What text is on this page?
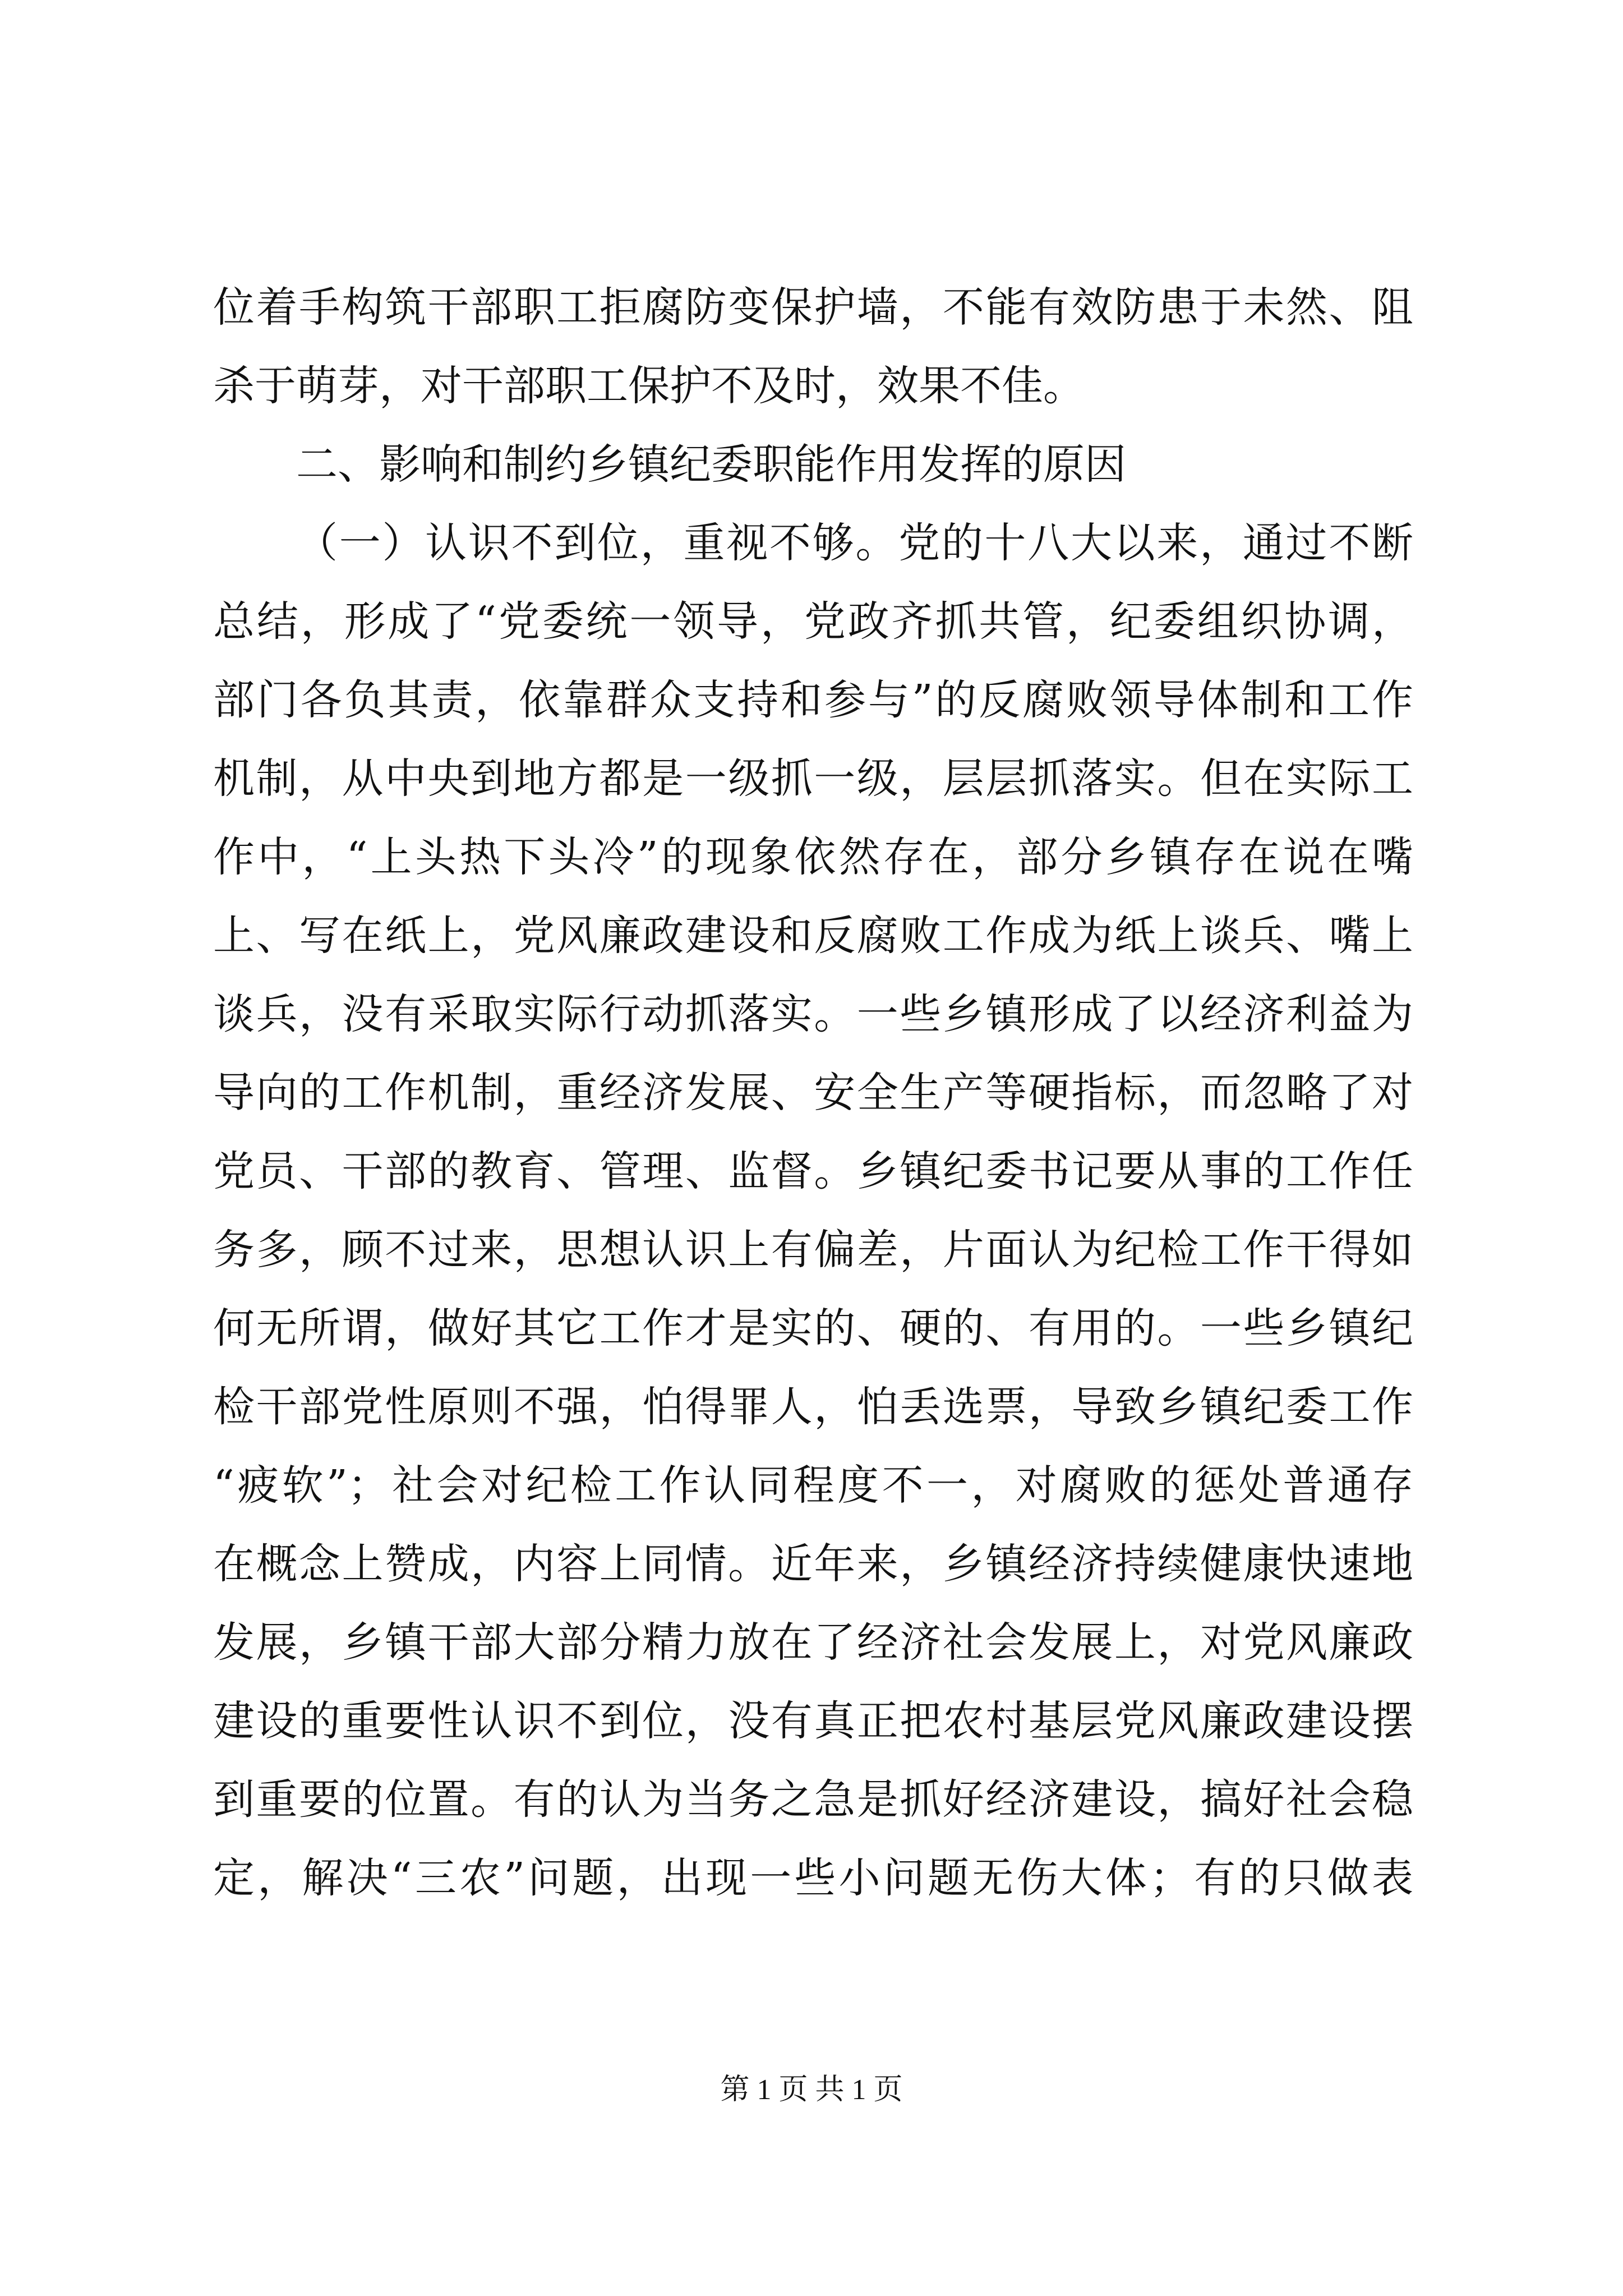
位着手构筑干部职工拒腐防变保护墙，不能有效防患于未然、阻
杀于萌芽，对干部职工保护不及时，效果不佳。
二、影响和制约乡镇纪委职能作用发挥的原因
（一）认识不到位，重视不够。党的十八大以来，通过不断
总结，形成了“党委统一领导，党政齐抓共管，纪委组织协调，
部门各负其责，依靠群众支持和参与”的反腐败领导体制和工作
机制，从中央到地方都是一级抓一级，层层抓落实。但在实际工
作中，“上头热下头冷”的现象依然存在，部分乡镇存在说在嘴
上、写在纸上，党风廉政建设和反腐败工作成为纸上谈兵、嘴上
谈兵，没有采取实际行动抓落实。一些乡镇形成了以经济利益为
导向的工作机制，重经济发展、安全生产等硬指标，而忽略了对
党员、干部的教育、管理、监督。乡镇纪委书记要从事的工作任
务多，顾不过来，思想认识上有偏差，片面认为纪检工作干得如
何无所谓，做好其它工作才是实的、硬的、有用的。一些乡镇纪
检干部党性原则不强，怕得罪人，怕丢选票，导致乡镇纪委工作
“疲软”；社会对纪检工作认同程度不一，对腐败的惩处普通存
在概念上赞成，内容上同情。近年来，乡镇经济持续健康快速地
发展，乡镇干部大部分精力放在了经济社会发展上，对党风廉政
建设的重要性认识不到位，没有真正把农村基层党风廉政建设摆
到重要的位置。有的认为当务之急是抓好经济建设，搞好社会稳
定，解决“三农”问题，出现一些小问题无伤大体；有的只做表
第 1 页 共 1 页
